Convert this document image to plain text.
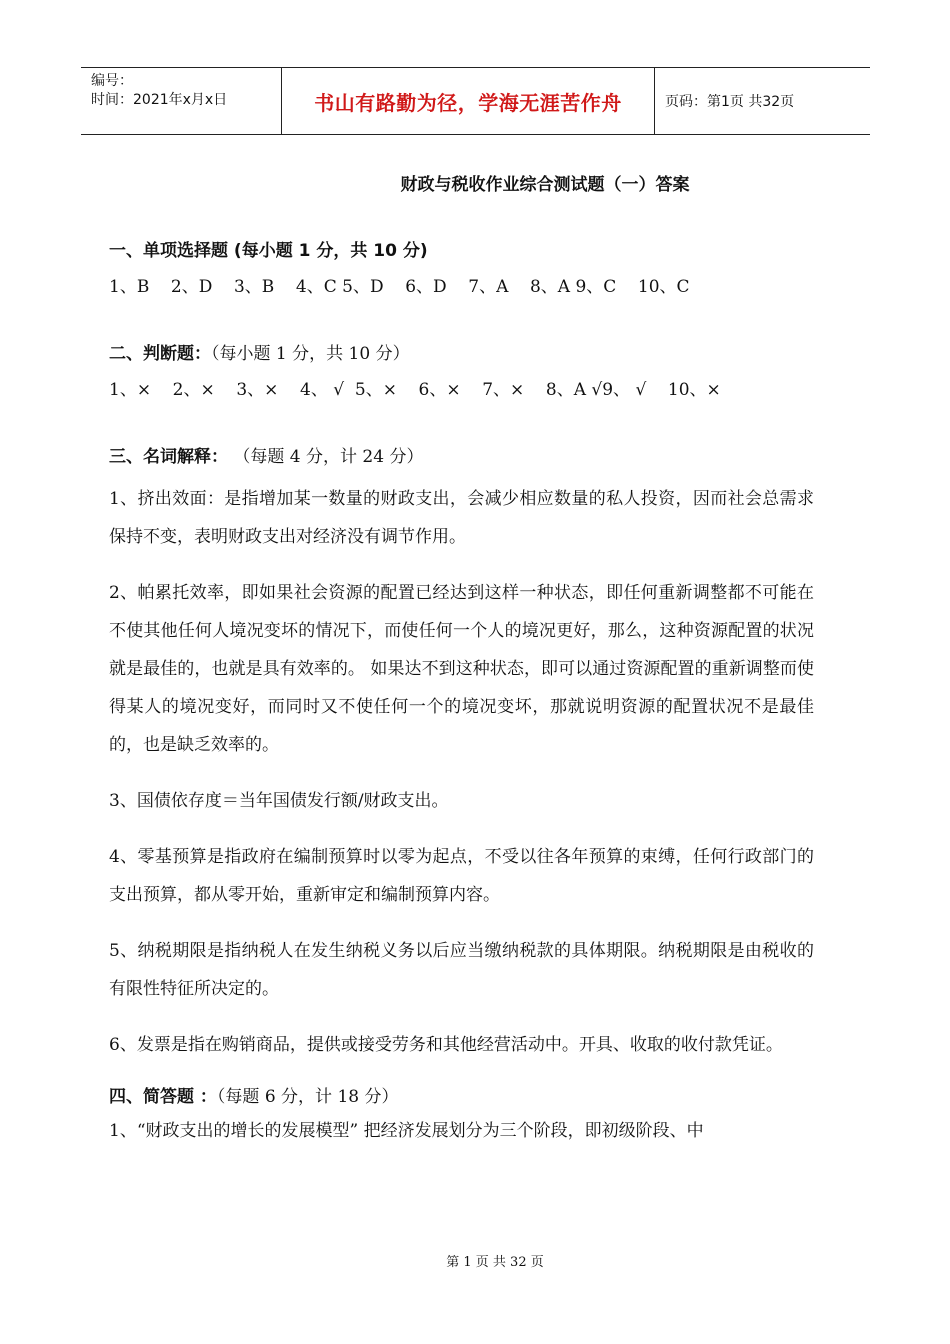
编号：
时间：2021年x月x日	书山有路勤为径，学海无涯苦作舟	页码：第1页 共32页
财政与税收作业综合测试题（一）答案
一、单项选择题 (每小题 1 分，共 10 分)
1、B    2、D    3、B    4、C 5、D    6、D    7、A    8、A 9、C    10、C
二、判断题：（每小题 1 分，共 10 分）
1、×    2、×    3、×    4、 √  5、×    6、×    7、×    8、A √9、 √    10、×
三、名词解释： （每题 4 分，计 24 分）
1、挤出效面：是指增加某一数量的财政支出，会减少相应数量的私人投资，因而社会总需求保持不变，表明财政支出对经济没有调节作用。
2、帕累托效率，即如果社会资源的配置已经达到这样一种状态，即任何重新调整都不可能在不使其他任何人境况变坏的情况下，而使任何一个人的境况更好，那么，这种资源配置的状况就是最佳的，也就是具有效率的。 如果达不到这种状态，即可以通过资源配置的重新调整而使得某人的境况变好，而同时又不使任何一个的境况变坏，那就说明资源的配置状况不是最佳的，也是缺乏效率的。
3、国债依存度＝当年国债发行额/财政支出。
4、零基预算是指政府在编制预算时以零为起点，不受以往各年预算的束缚，任何行政部门的支出预算，都从零开始，重新审定和编制预算内容。
5、纳税期限是指纳税人在发生纳税义务以后应当缴纳税款的具体期限。纳税期限是由税收的有限性特征所决定的。
6、发票是指在购销商品，提供或接受劳务和其他经营活动中。开具、收取的收付款凭证。
四、简答题 ：（每题 6 分，计 18 分）
1、“财政支出的增长的发展模型” 把经济发展划分为三个阶段，即初级阶段、中
第 1 页 共 32 页
